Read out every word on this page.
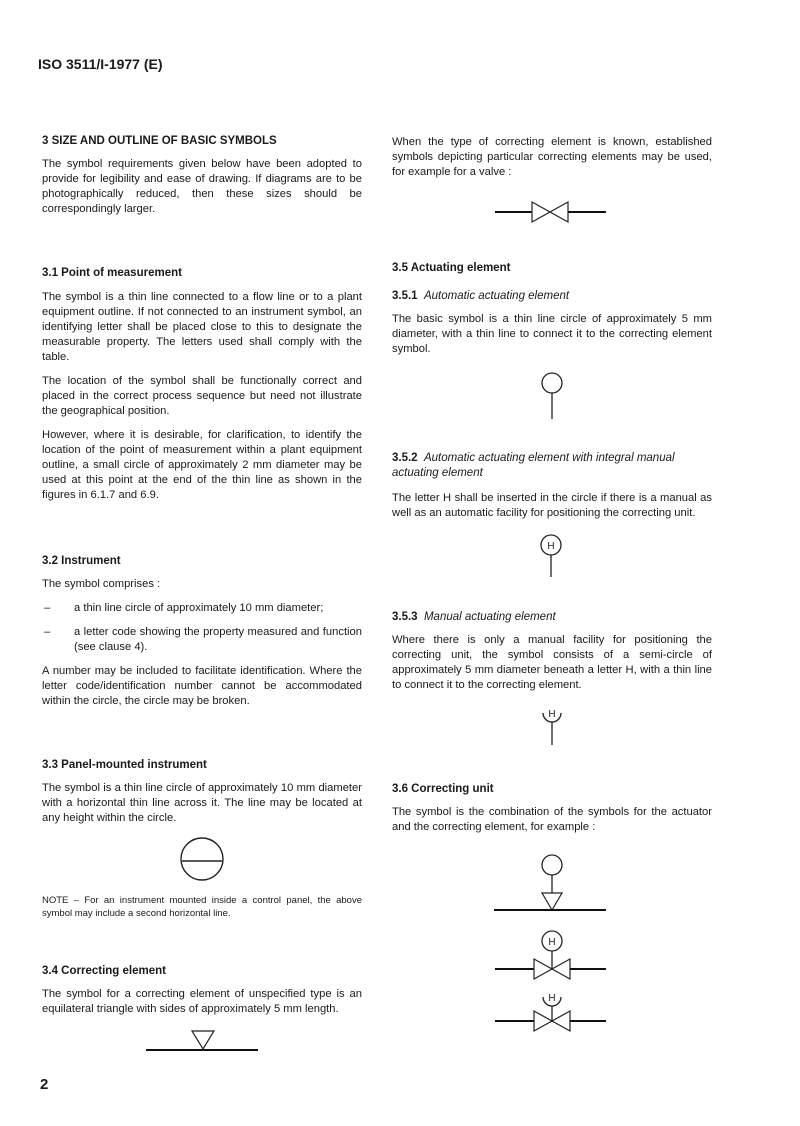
ISO 3511/I-1977 (E)
3 SIZE AND OUTLINE OF BASIC SYMBOLS

The symbol requirements given below have been adopted to provide for legibility and ease of drawing. If diagrams are to be photographically reduced, then these sizes should be correspondingly larger.

3.1 Point of measurement

The symbol is a thin line connected to a flow line or to a plant equipment outline. If not connected to an instrument symbol, an identifying letter shall be placed close to this to designate the measurable property. The letters used shall comply with the table.

The location of the symbol shall be functionally correct and placed in the correct process sequence but need not illustrate the geographical position.

However, where it is desirable, for clarification, to identify the location of the point of measurement within a plant equipment outline, a small circle of approximately 2 mm diameter may be used at this point at the end of the thin line as shown in the figures in 6.1.7 and 6.9.

3.2 Instrument

The symbol comprises :

–	a thin line circle of approximately 10 mm diameter;
–	a letter code showing the property measured and function (see clause 4).

A number may be included to facilitate identification. Where the letter code/identification number cannot be accommodated within the circle, the circle may be broken.

3.3 Panel-mounted instrument

The symbol is a thin line circle of approximately 10 mm diameter with a horizontal thin line across it. The line may be located at any height within the circle.

NOTE – For an instrument mounted inside a control panel, the above symbol may include a second horizontal line.

3.4 Correcting element

The symbol for a correcting element of unspecified type is an equilateral triangle with sides of approximately 5 mm length.

When the type of correcting element is known, established symbols depicting particular correcting elements may be used, for example for a valve :

3.5 Actuating element
3.5.1 Automatic actuating element

The basic symbol is a thin line circle of approximately 5 mm diameter, with a thin line to connect it to the correcting element symbol.

3.5.2 Automatic actuating element with integral manual actuating element

The letter H shall be inserted in the circle if there is a manual as well as an automatic facility for positioning the correcting unit.

H
3.5.3 Manual actuating element

Where there is only a manual facility for positioning the correcting unit, the symbol consists of a semi-circle of approximately 5 mm diameter beneath a letter H, with a thin line to connect it to the correcting element.

H
3.6 Correcting unit

The symbol is the combination of the symbols for the actuator and the correcting element, for example :

H
H
2
